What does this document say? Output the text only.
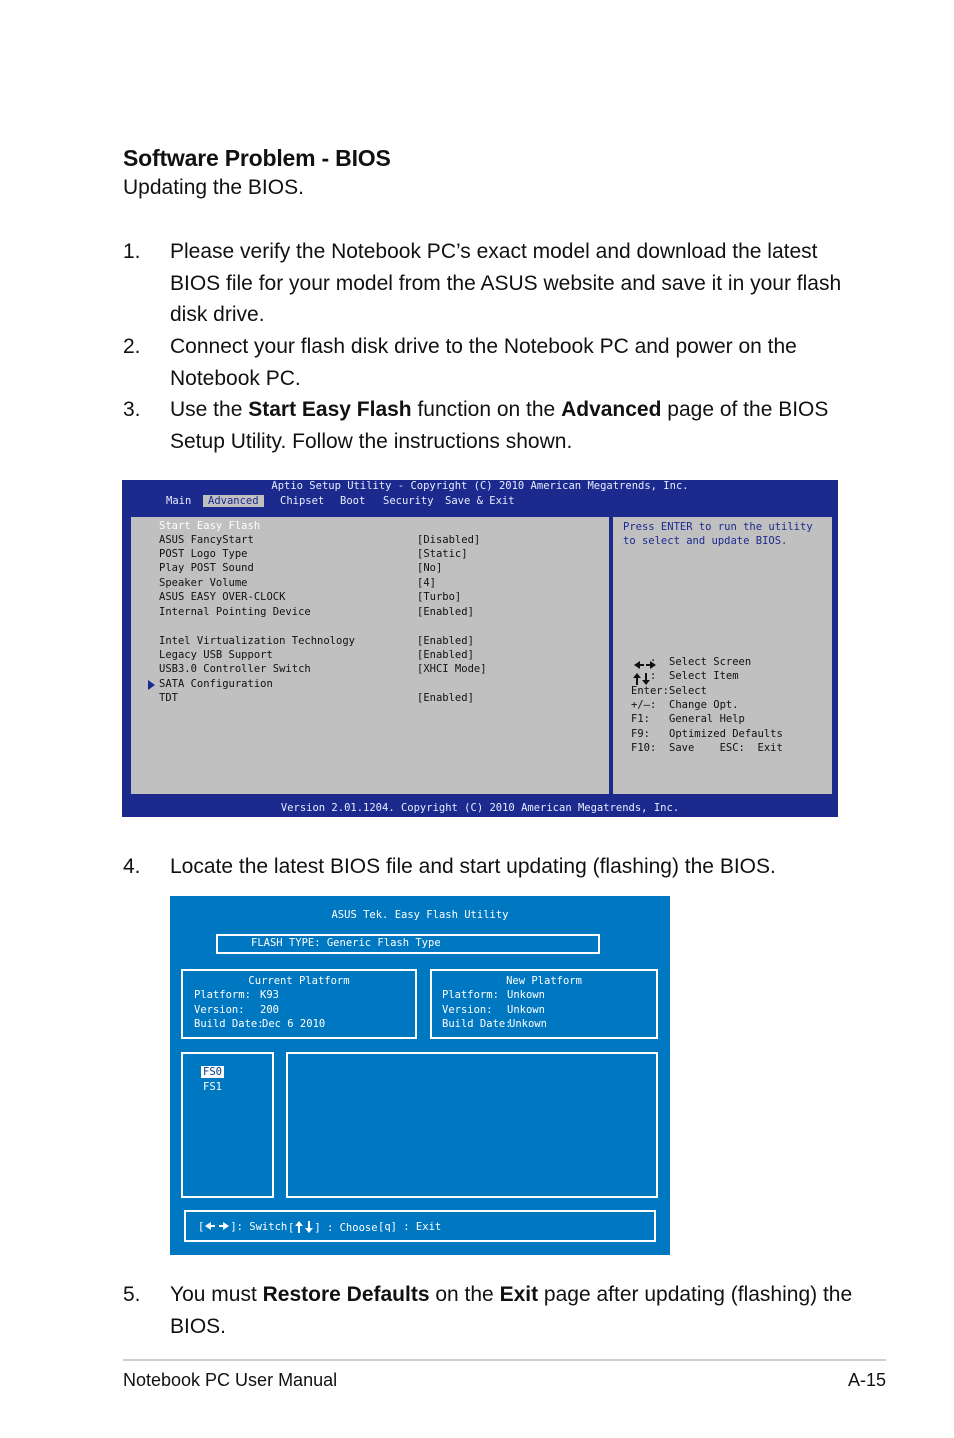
Software Problem - BIOS
Updating the BIOS.
1. Please verify the Notebook PC’s exact model and download the latest BIOS file for your model from the ASUS website and save it in your flash disk drive.
2. Connect your flash disk drive to the Notebook PC and power on the Notebook PC.
3. Use the Start Easy Flash function on the Advanced page of the BIOS Setup Utility. Follow the instructions shown.
Aptio Setup Utility - Copyright (C) 2010 American Megatrends, Inc.
Main	Advanced	Chipset	Boot	Security	Save & Exit
Start Easy Flash
ASUS FancyStart	[Disabled]
POST Logo Type	[Static]
Play POST Sound	[No]
Speaker Volume	[4]
ASUS EASY OVER-CLOCK	[Turbo]
Internal Pointing Device	[Enabled]
Intel Virtualization Technology	[Enabled]
Legacy USB Support	[Enabled]
USB3.0 Controller Switch	[XHCI Mode]
SATA Configuration
TDT	[Enabled]
Press ENTER to run the utility
to select and update BIOS.
: Select Screen
: Select Item
Enter: Select
+/—: Change Opt.
F1: General Help
F9: Optimized Defaults
F10: Save    ESC:  Exit
Version 2.01.1204. Copyright (C) 2010 American Megatrends, Inc.
4. Locate the latest BIOS file and start updating (flashing) the BIOS.
ASUS Tek. Easy Flash Utility
FLASH TYPE: Generic Flash Type
Current Platform
Platform: K93
Version: 200
Build Date:
Dec 6 2010
New Platform
Platform: Unkown
Version: Unkown
Build Date:
Unkown
FS0
FS1
[ ]: Switch [ ] : Choose [q] : Exit
5. You must Restore Defaults on the Exit page after updating (flashing) the BIOS.
Notebook PC User Manual	A-15
